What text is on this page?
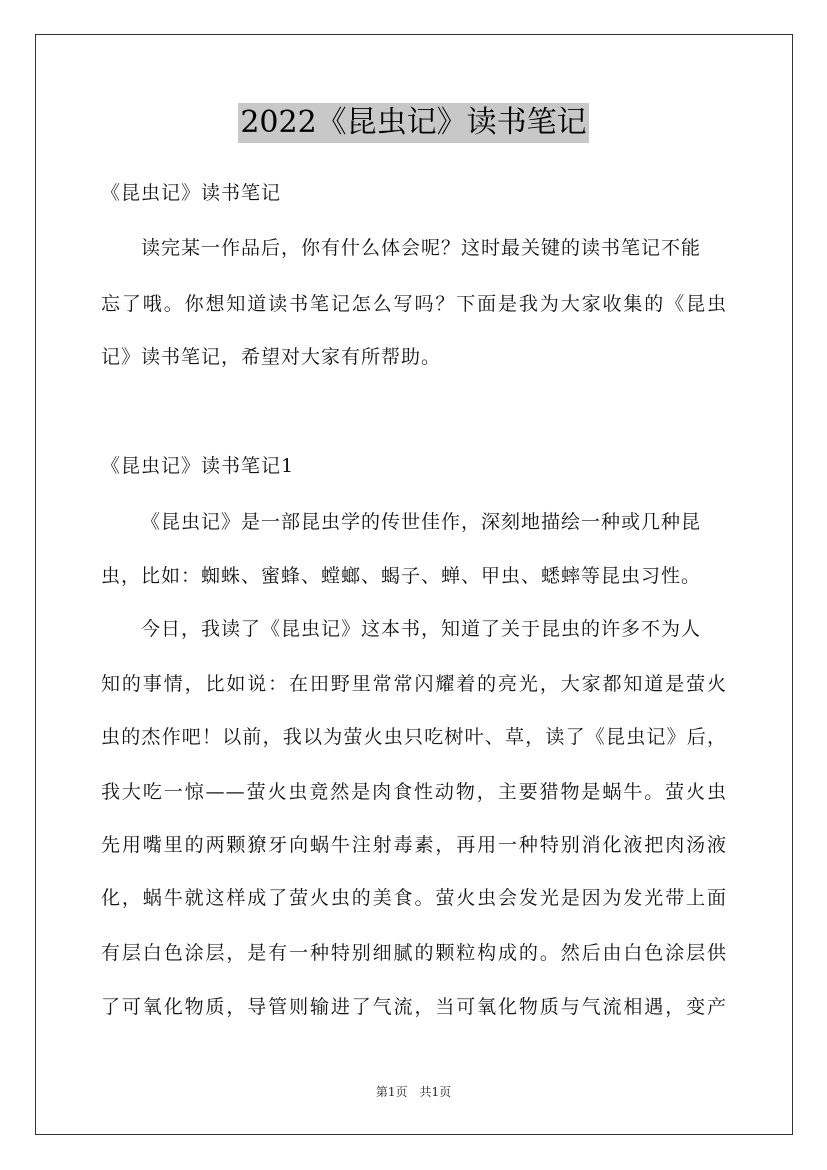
2022《昆虫记》读书笔记
《昆虫记》读书笔记
读完某一作品后，你有什么体会呢？这时最关键的读书笔记不能
忘了哦。你想知道读书笔记怎么写吗？下面是我为大家收集的《昆虫
记》读书笔记，希望对大家有所帮助。
《昆虫记》读书笔记1
《昆虫记》是一部昆虫学的传世佳作，深刻地描绘一种或几种昆
虫，比如：蜘蛛、蜜蜂、螳螂、蝎子、蝉、甲虫、蟋蟀等昆虫习性。
今日，我读了《昆虫记》这本书，知道了关于昆虫的许多不为人
知的事情，比如说：在田野里常常闪耀着的亮光，大家都知道是萤火
虫的杰作吧！以前，我以为萤火虫只吃树叶、草，读了《昆虫记》后，
我大吃一惊——萤火虫竟然是肉食性动物，主要猎物是蜗牛。萤火虫
先用嘴里的两颗獠牙向蜗牛注射毒素，再用一种特别消化液把肉汤液
化，蜗牛就这样成了萤火虫的美食。萤火虫会发光是因为发光带上面
有层白色涂层，是有一种特别细腻的颗粒构成的。然后由白色涂层供
了可氧化物质，导管则输进了气流，当可氧化物质与气流相遇，变产
第1页　共1页
